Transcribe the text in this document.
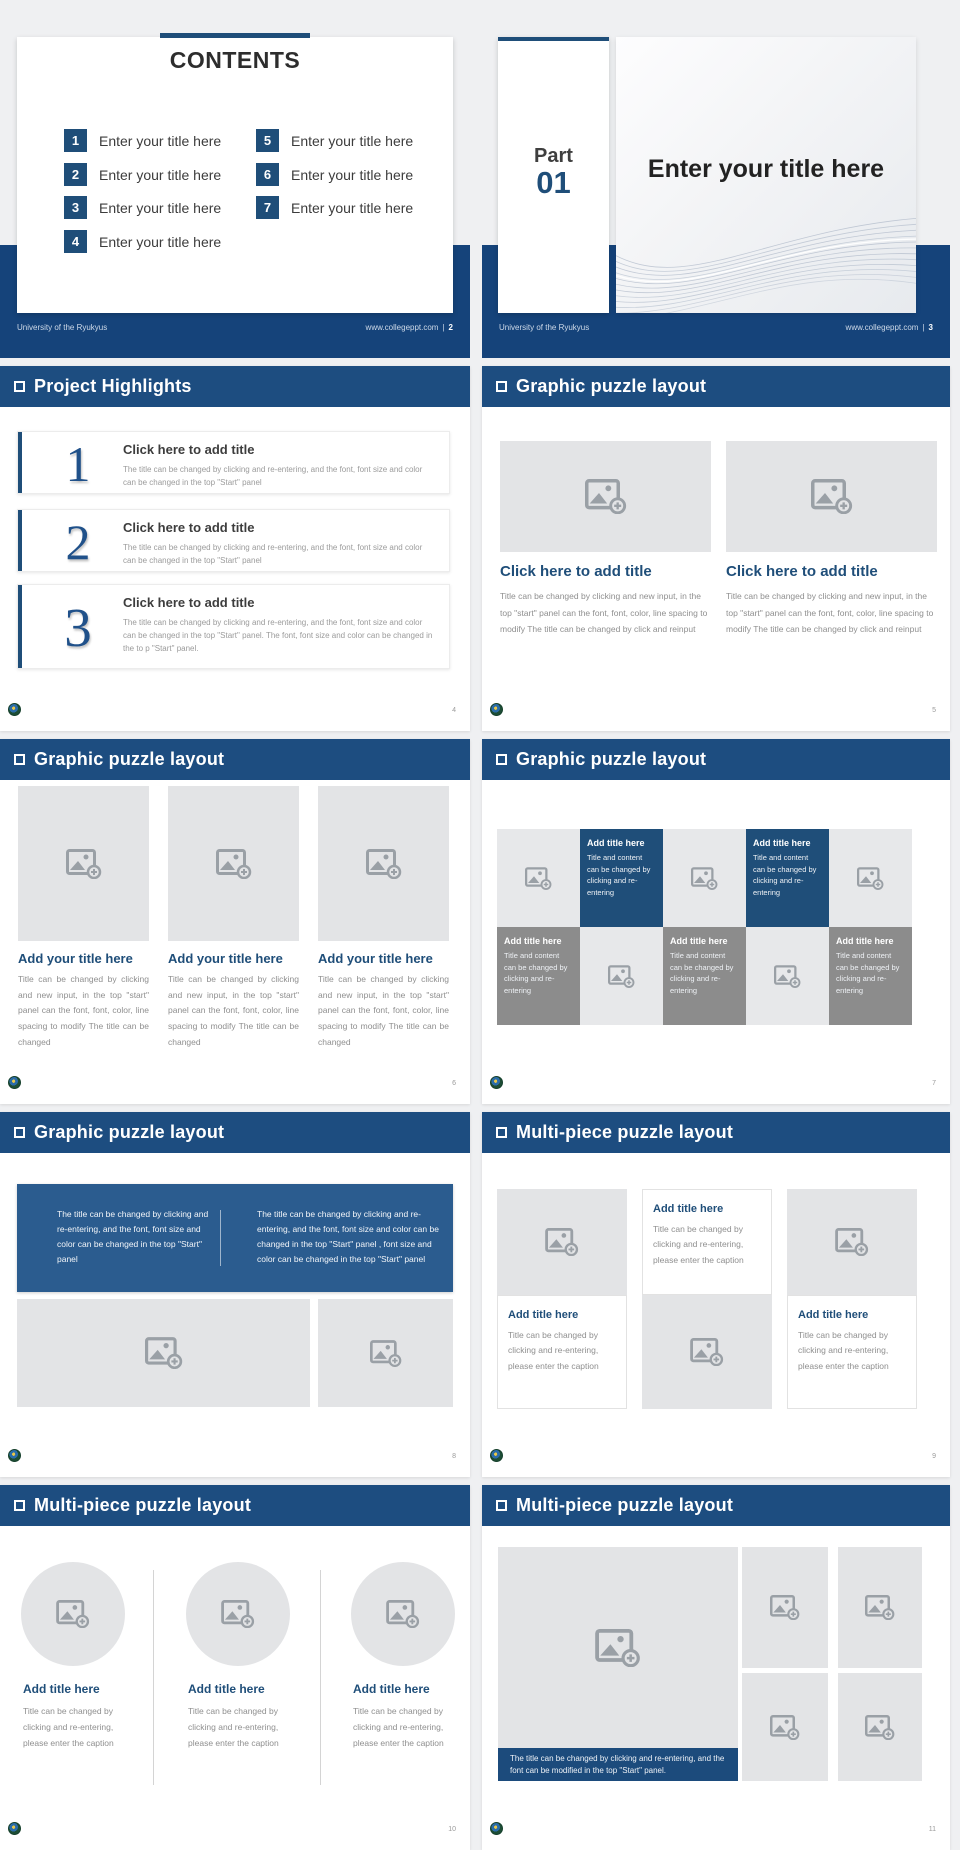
University of the Ryukyus	www.collegeppt.com | 2
CONTENTS
1	Enter your title here
2	Enter your title here
3	Enter your title here
4	Enter your title here
5	Enter your title here
6	Enter your title here
7	Enter your title here
University of the Ryukyus	www.collegeppt.com | 3
Part
01	Enter your title here
Project Highlights
1	Click here to add title
The title can be changed by clicking and re-entering, and the font, font size and color can be changed in the top "Start" panel
2	Click here to add title
The title can be changed by clicking and re-entering, and the font, font size and color can be changed in the top "Start" panel
3	Click here to add title
The title can be changed by clicking and re-entering, and the font, font size and color can be changed in the top "Start" panel. The font, font size and color can be changed in the to p "Start" panel.
4
Graphic puzzle layout
Click here to add title
Title can be changed by clicking and new input, in the top "start" panel can the font, font, color, line spacing to modify The title can be changed by click and reinput
Click here to add title
Title can be changed by clicking and new input, in the top "start" panel can the font, font, color, line spacing to modify The title can be changed by click and reinput
5
Graphic puzzle layout
Add your title here
Title can be changed by clicking and new input, in the top "start" panel can the font, font, color, line spacing to modify The title can be changed
Add your title here
Title can be changed by clicking and new input, in the top "start" panel can the font, font, color, line spacing to modify The title can be changed
Add your title here
Title can be changed by clicking and new input, in the top "start" panel can the font, font, color, line spacing to modify The title can be changed
6
Graphic puzzle layout
Add title here
Title and content can be changed by clicking and re-entering
Add title here
Title and content can be changed by clicking and re-entering
Add title here
Title and content can be changed by clicking and re-entering
Add title here
Title and content can be changed by clicking and re-entering
Add title here
Title and content can be changed by clicking and re-entering
7
Graphic puzzle layout
The title can be changed by clicking and re-entering, and the font, font size and color can be changed in the top "Start" panel
The title can be changed by clicking and re-entering, and the font, font size and color can be changed in the top "Start" panel , font size and color can be changed in the top "Start" panel
8
Multi-piece puzzle layout
Add title here
Title can be changed by clicking and re-entering, please enter the caption
Add title here
Title can be changed by clicking and re-entering, please enter the caption
Add title here
Title can be changed by clicking and re-entering, please enter the caption
9
Multi-piece puzzle layout
Add title here
Title can be changed by clicking and re-entering, please enter the caption
Add title here
Title can be changed by clicking and re-entering, please enter the caption
Add title here
Title can be changed by clicking and re-entering, please enter the caption
10
Multi-piece puzzle layout
The title can be changed by clicking and re-entering, and the font can be modified in the top "Start" panel.
11
